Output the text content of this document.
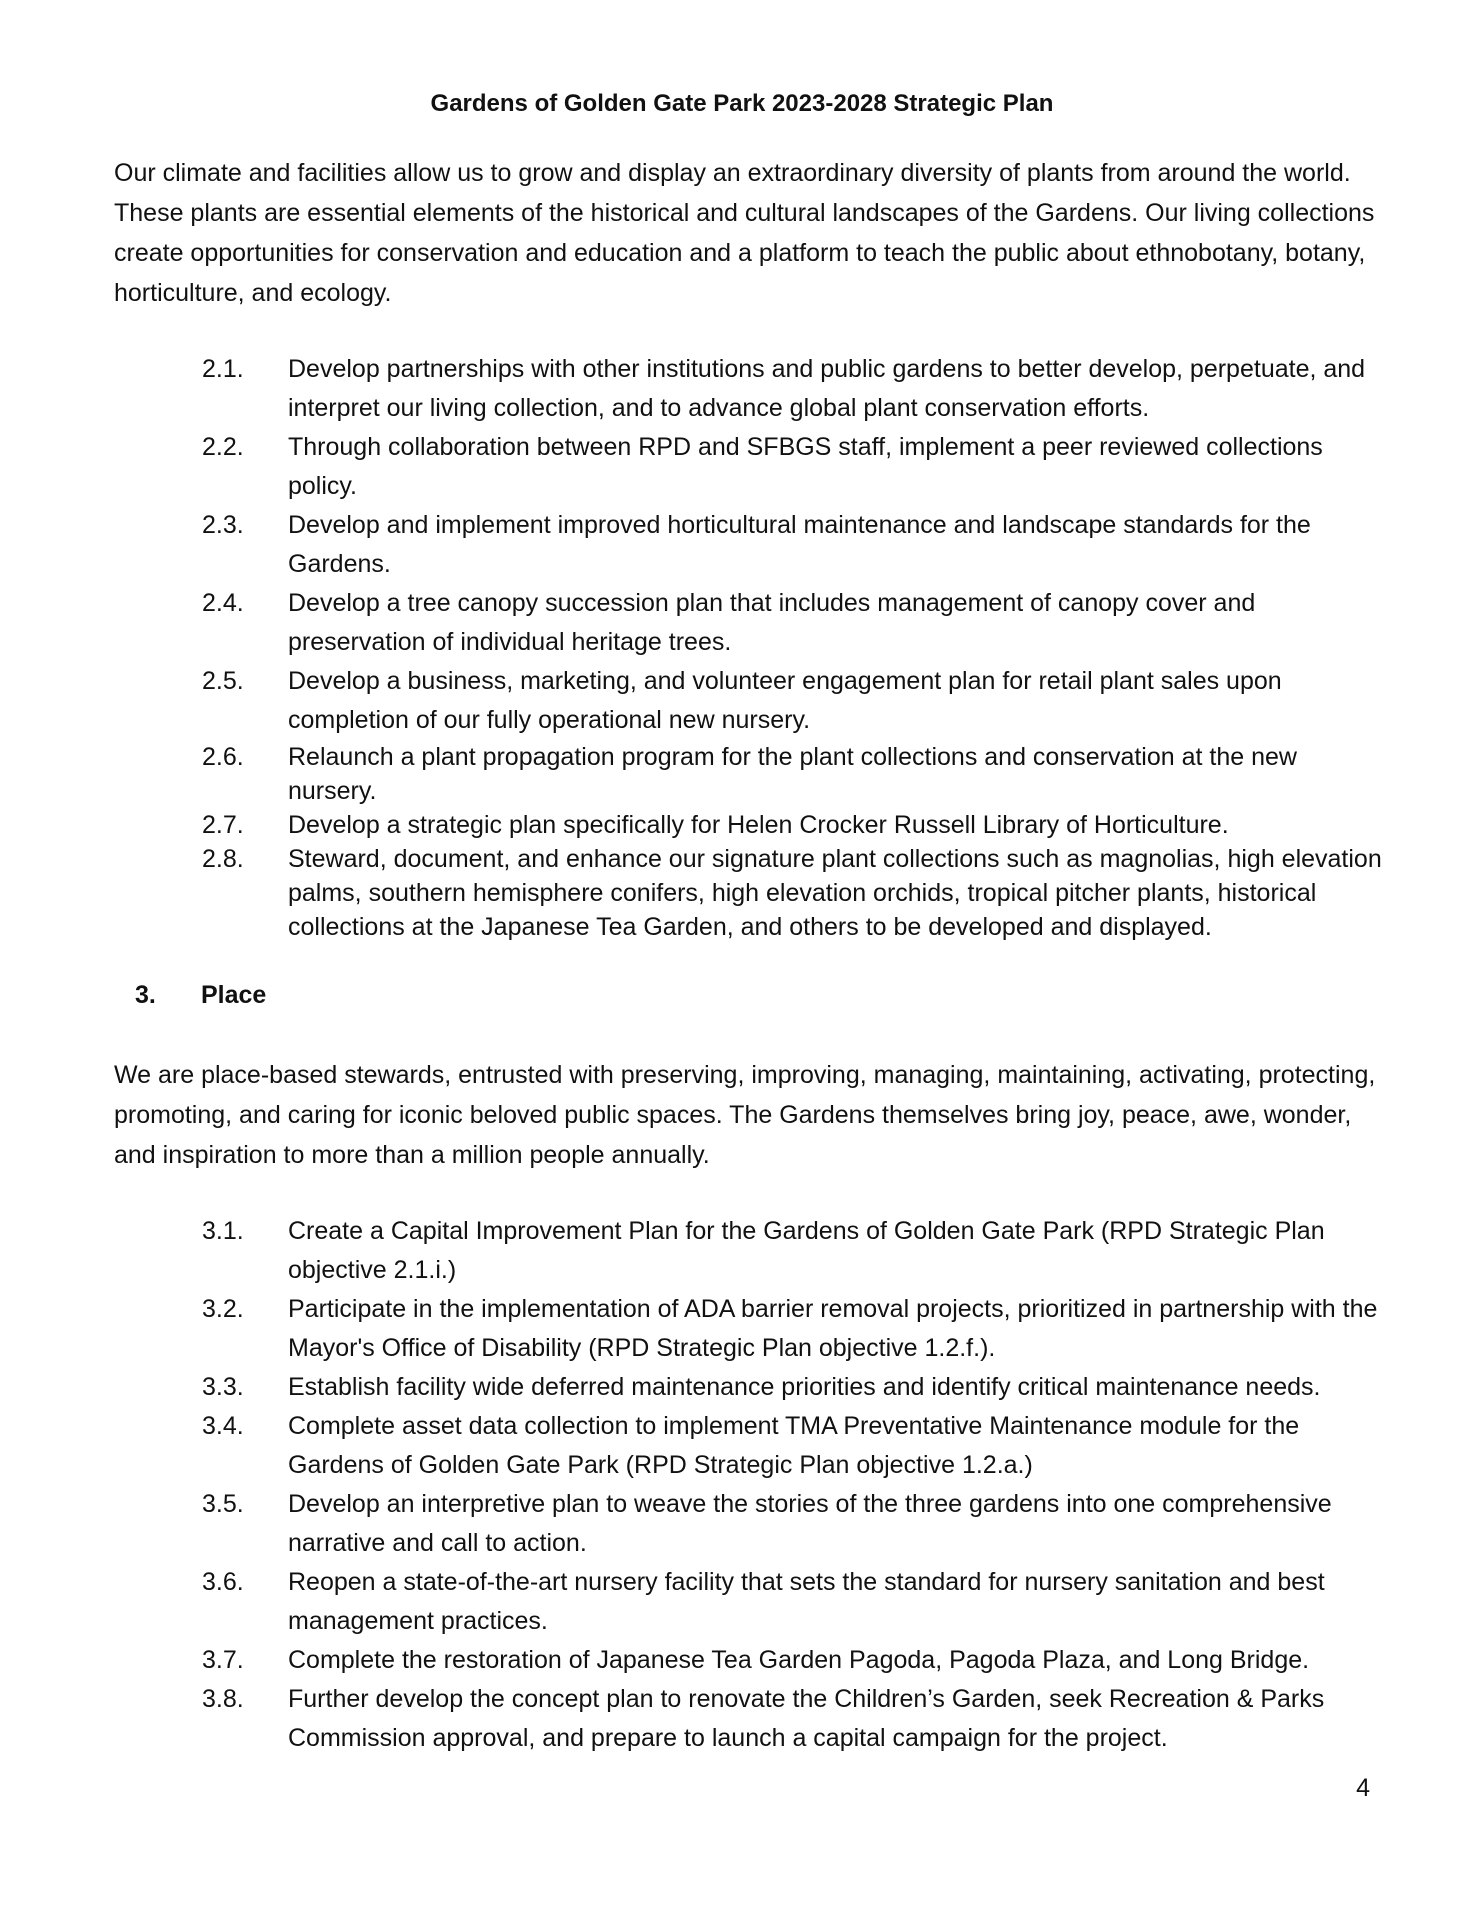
Gardens of Golden Gate Park 2023-2028 Strategic Plan

Our climate and facilities allow us to grow and display an extraordinary diversity of plants from around the world. These plants are essential elements of the historical and cultural landscapes of the Gardens. Our living collections create opportunities for conservation and education and a platform to teach the public about ethnobotany, botany, horticulture, and ecology.

2.1.	Develop partnerships with other institutions and public gardens to better develop, perpetuate, and interpret our living collection, and to advance global plant conservation efforts.
2.2.	Through collaboration between RPD and SFBGS staff, implement a peer reviewed collections policy.
2.3.	Develop and implement improved horticultural maintenance and landscape standards for the Gardens.
2.4.	Develop a tree canopy succession plan that includes management of canopy cover and preservation of individual heritage trees.
2.5.	Develop a business, marketing, and volunteer engagement plan for retail plant sales upon completion of our fully operational new nursery.
2.6.	Relaunch a plant propagation program for the plant collections and conservation at the new nursery.
2.7.	Develop a strategic plan specifically for Helen Crocker Russell Library of Horticulture.
2.8.	Steward, document, and enhance our signature plant collections such as magnolias, high elevation palms, southern hemisphere conifers, high elevation orchids, tropical pitcher plants, historical collections at the Japanese Tea Garden, and others to be developed and displayed.
3. Place

We are place-based stewards, entrusted with preserving, improving, managing, maintaining, activating, protecting, promoting, and caring for iconic beloved public spaces. The Gardens themselves bring joy, peace, awe, wonder, and inspiration to more than a million people annually.

3.1.	Create a Capital Improvement Plan for the Gardens of Golden Gate Park (RPD Strategic Plan objective 2.1.i.)
3.2.	Participate in the implementation of ADA barrier removal projects, prioritized in partnership with the Mayor's Office of Disability (RPD Strategic Plan objective 1.2.f.).
3.3.	Establish facility wide deferred maintenance priorities and identify critical maintenance needs.
3.4.	Complete asset data collection to implement TMA Preventative Maintenance module for the Gardens of Golden Gate Park (RPD Strategic Plan objective 1.2.a.)
3.5.	Develop an interpretive plan to weave the stories of the three gardens into one comprehensive narrative and call to action.
3.6.	Reopen a state-of-the-art nursery facility that sets the standard for nursery sanitation and best management practices.
3.7.	Complete the restoration of Japanese Tea Garden Pagoda, Pagoda Plaza, and Long Bridge.
3.8.	Further develop the concept plan to renovate the Children’s Garden, seek Recreation & Parks Commission approval, and prepare to launch a capital campaign for the project.
4
